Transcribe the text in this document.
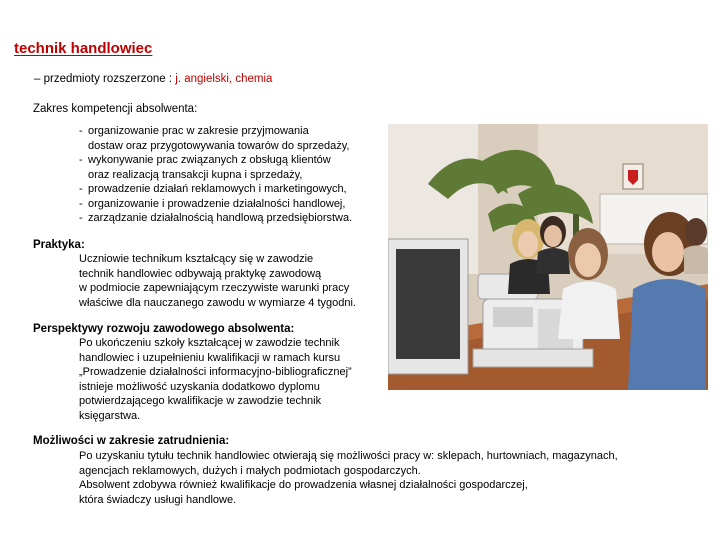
technik handlowiec
– przedmioty rozszerzone : j. angielski, chemia
Zakres kompetencji absolwenta:
- organizowanie prac w zakresie przyjmowania
dostaw oraz przygotowywania towarów do sprzedaży,
- wykonywanie prac związanych z obsługą klientów
oraz realizacją transakcji kupna i sprzedaży,
- prowadzenie działań reklamowych i marketingowych,
- organizowanie i prowadzenie działalności handlowej,
- zarządzanie działalnością handlową przedsiębiorstwa.
Praktyka:
Uczniowie technikum kształcący się w zawodzie
technik handlowiec odbywają praktykę zawodową
w podmiocie zapewniającym rzeczywiste warunki pracy
właściwe dla nauczanego zawodu w wymiarze 4 tygodni.
Perspektywy rozwoju zawodowego absolwenta:
Po ukończeniu szkoły kształcącej w zawodzie technik
handlowiec i uzupełnieniu kwalifikacji w ramach kursu
„Prowadzenie działalności informacyjno-bibliograficznej”
istnieje możliwość uzyskania dodatkowo dyplomu
potwierdzającego kwalifikacje w zawodzie technik
księgarstwa.
Możliwości w zakresie zatrudnienia:
Po uzyskaniu tytułu technik handlowiec otwierają się możliwości pracy w: sklepach, hurtowniach, magazynach,
agencjach reklamowych, dużych i małych podmiotach gospodarczych.
Absolwent zdobywa również kwalifikacje do prowadzenia własnej działalności gospodarczej,
która świadczy usługi handlowe.
